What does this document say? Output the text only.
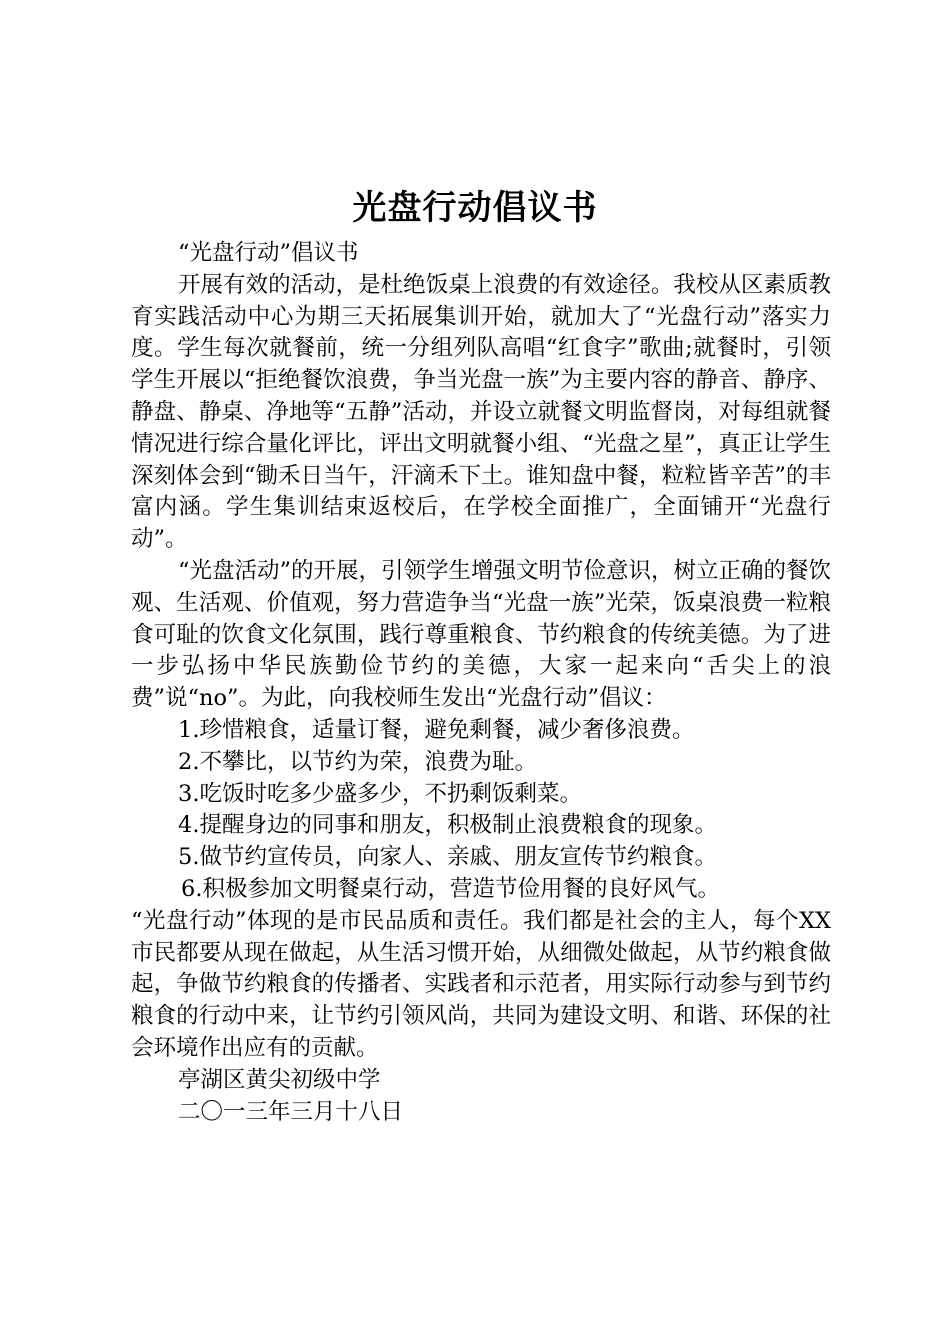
光盘行动倡议书

“光盘行动”倡议书

开展有效的活动，是杜绝饭桌上浪费的有效途径。我校从区素质教育实践活动中心为期三天拓展集训开始，就加大了“光盘行动”落实力度。学生每次就餐前，统一分组列队高唱“红食字”歌曲;就餐时，引领学生开展以“拒绝餐饮浪费，争当光盘一族”为主要内容的静音、静序、静盘、静桌、净地等“五静”活动，并设立就餐文明监督岗，对每组就餐情况进行综合量化评比，评出文明就餐小组、“光盘之星”，真正让学生深刻体会到“锄禾日当午，汗滴禾下土。谁知盘中餐，粒粒皆辛苦”的丰富内涵。学生集训结束返校后，在学校全面推广，全面铺开“光盘行动”。

“光盘活动”的开展，引领学生增强文明节俭意识，树立正确的餐饮观、生活观、价值观，努力营造争当“光盘一族”光荣，饭桌浪费一粒粮食可耻的饮食文化氛围，践行尊重粮食、节约粮食的传统美德。为了进一步弘扬中华民族勤俭节约的美德，大家一起来向“舌尖上的浪费”说“no”。为此，向我校师生发出“光盘行动”倡议：

1.珍惜粮食，适量订餐，避免剩餐，减少奢侈浪费。

2.不攀比，以节约为荣，浪费为耻。

3.吃饭时吃多少盛多少，不扔剩饭剩菜。

4.提醒身边的同事和朋友，积极制止浪费粮食的现象。

5.做节约宣传员，向家人、亲戚、朋友宣传节约粮食。

6.积极参加文明餐桌行动，营造节俭用餐的良好风气。

“光盘行动”体现的是市民品质和责任。我们都是社会的主人，每个XX市民都要从现在做起，从生活习惯开始，从细微处做起，从节约粮食做起，争做节约粮食的传播者、实践者和示范者，用实际行动参与到节约粮食的行动中来，让节约引领风尚，共同为建设文明、和谐、环保的社会环境作出应有的贡献。

亭湖区黄尖初级中学

二〇一三年三月十八日
